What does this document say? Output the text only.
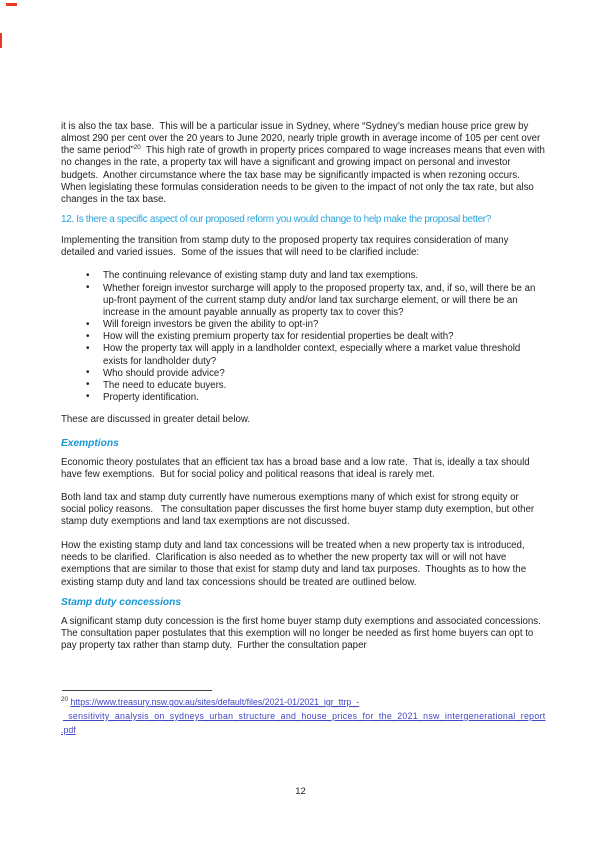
it is also the tax base.  This will be a particular issue in Sydney, where “Sydney’s median house price grew by almost 290 per cent over the 20 years to June 2020, nearly triple growth in average income of 105 per cent over the same period”$^{20}$  This high rate of growth in property prices compared to wage increases means that even with no changes in the rate, a property tax will have a significant and growing impact on personal and investor budgets.  Another circumstance where the tax base may be significantly impacted is when rezoning occurs.  When legislating these formulas consideration needs to be given to the impact of not only the tax rate, but also changes in the tax base.

12. Is there a specific aspect of our proposed reform you would change to help make the proposal better?

Implementing the transition from stamp duty to the proposed property tax requires consideration of many detailed and varied issues.  Some of the issues that will need to be clarified include:

• The continuing relevance of existing stamp duty and land tax exemptions.
• Whether foreign investor surcharge will apply to the proposed property tax, and, if so, will there be an up-front payment of the current stamp duty and/or land tax surcharge element, or will there be an increase in the amount payable annually as property tax to cover this?
• Will foreign investors be given the ability to opt-in?
• How will the existing premium property tax for residential properties be dealt with?
• How the property tax will apply in a landholder context, especially where a market value threshold exists for landholder duty?
• Who should provide advice?
• The need to educate buyers.
• Property identification.

These are discussed in greater detail below.

Exemptions

Economic theory postulates that an efficient tax has a broad base and a low rate.  That is, ideally a tax should have few exemptions.  But for social policy and political reasons that ideal is rarely met.

Both land tax and stamp duty currently have numerous exemptions many of which exist for strong equity or social policy reasons.   The consultation paper discusses the first home buyer stamp duty exemption, but other stamp duty exemptions and land tax exemptions are not discussed.

How the existing stamp duty and land tax concessions will be treated when a new property tax is introduced, needs to be clarified.  Clarification is also needed as to whether the new property tax will or will not have exemptions that are similar to those that exist for stamp duty and land tax purposes.  Thoughts as to how the existing stamp duty and land tax concessions should be treated are outlined below.

Stamp duty concessions

A significant stamp duty concession is the first home buyer stamp duty exemptions and associated concessions.  The consultation paper postulates that this exemption will no longer be needed as first home buyers can opt to pay property tax rather than stamp duty.  Further the consultation paper

$^{20}$ https://www.treasury.nsw.gov.au/sites/default/files/2021-01/2021_igr_ttrp_-
_sensitivity_analysis_on_sydneys_urban_structure_and_house_prices_for_the_2021_nsw_intergenerational_report
.pdf
12
